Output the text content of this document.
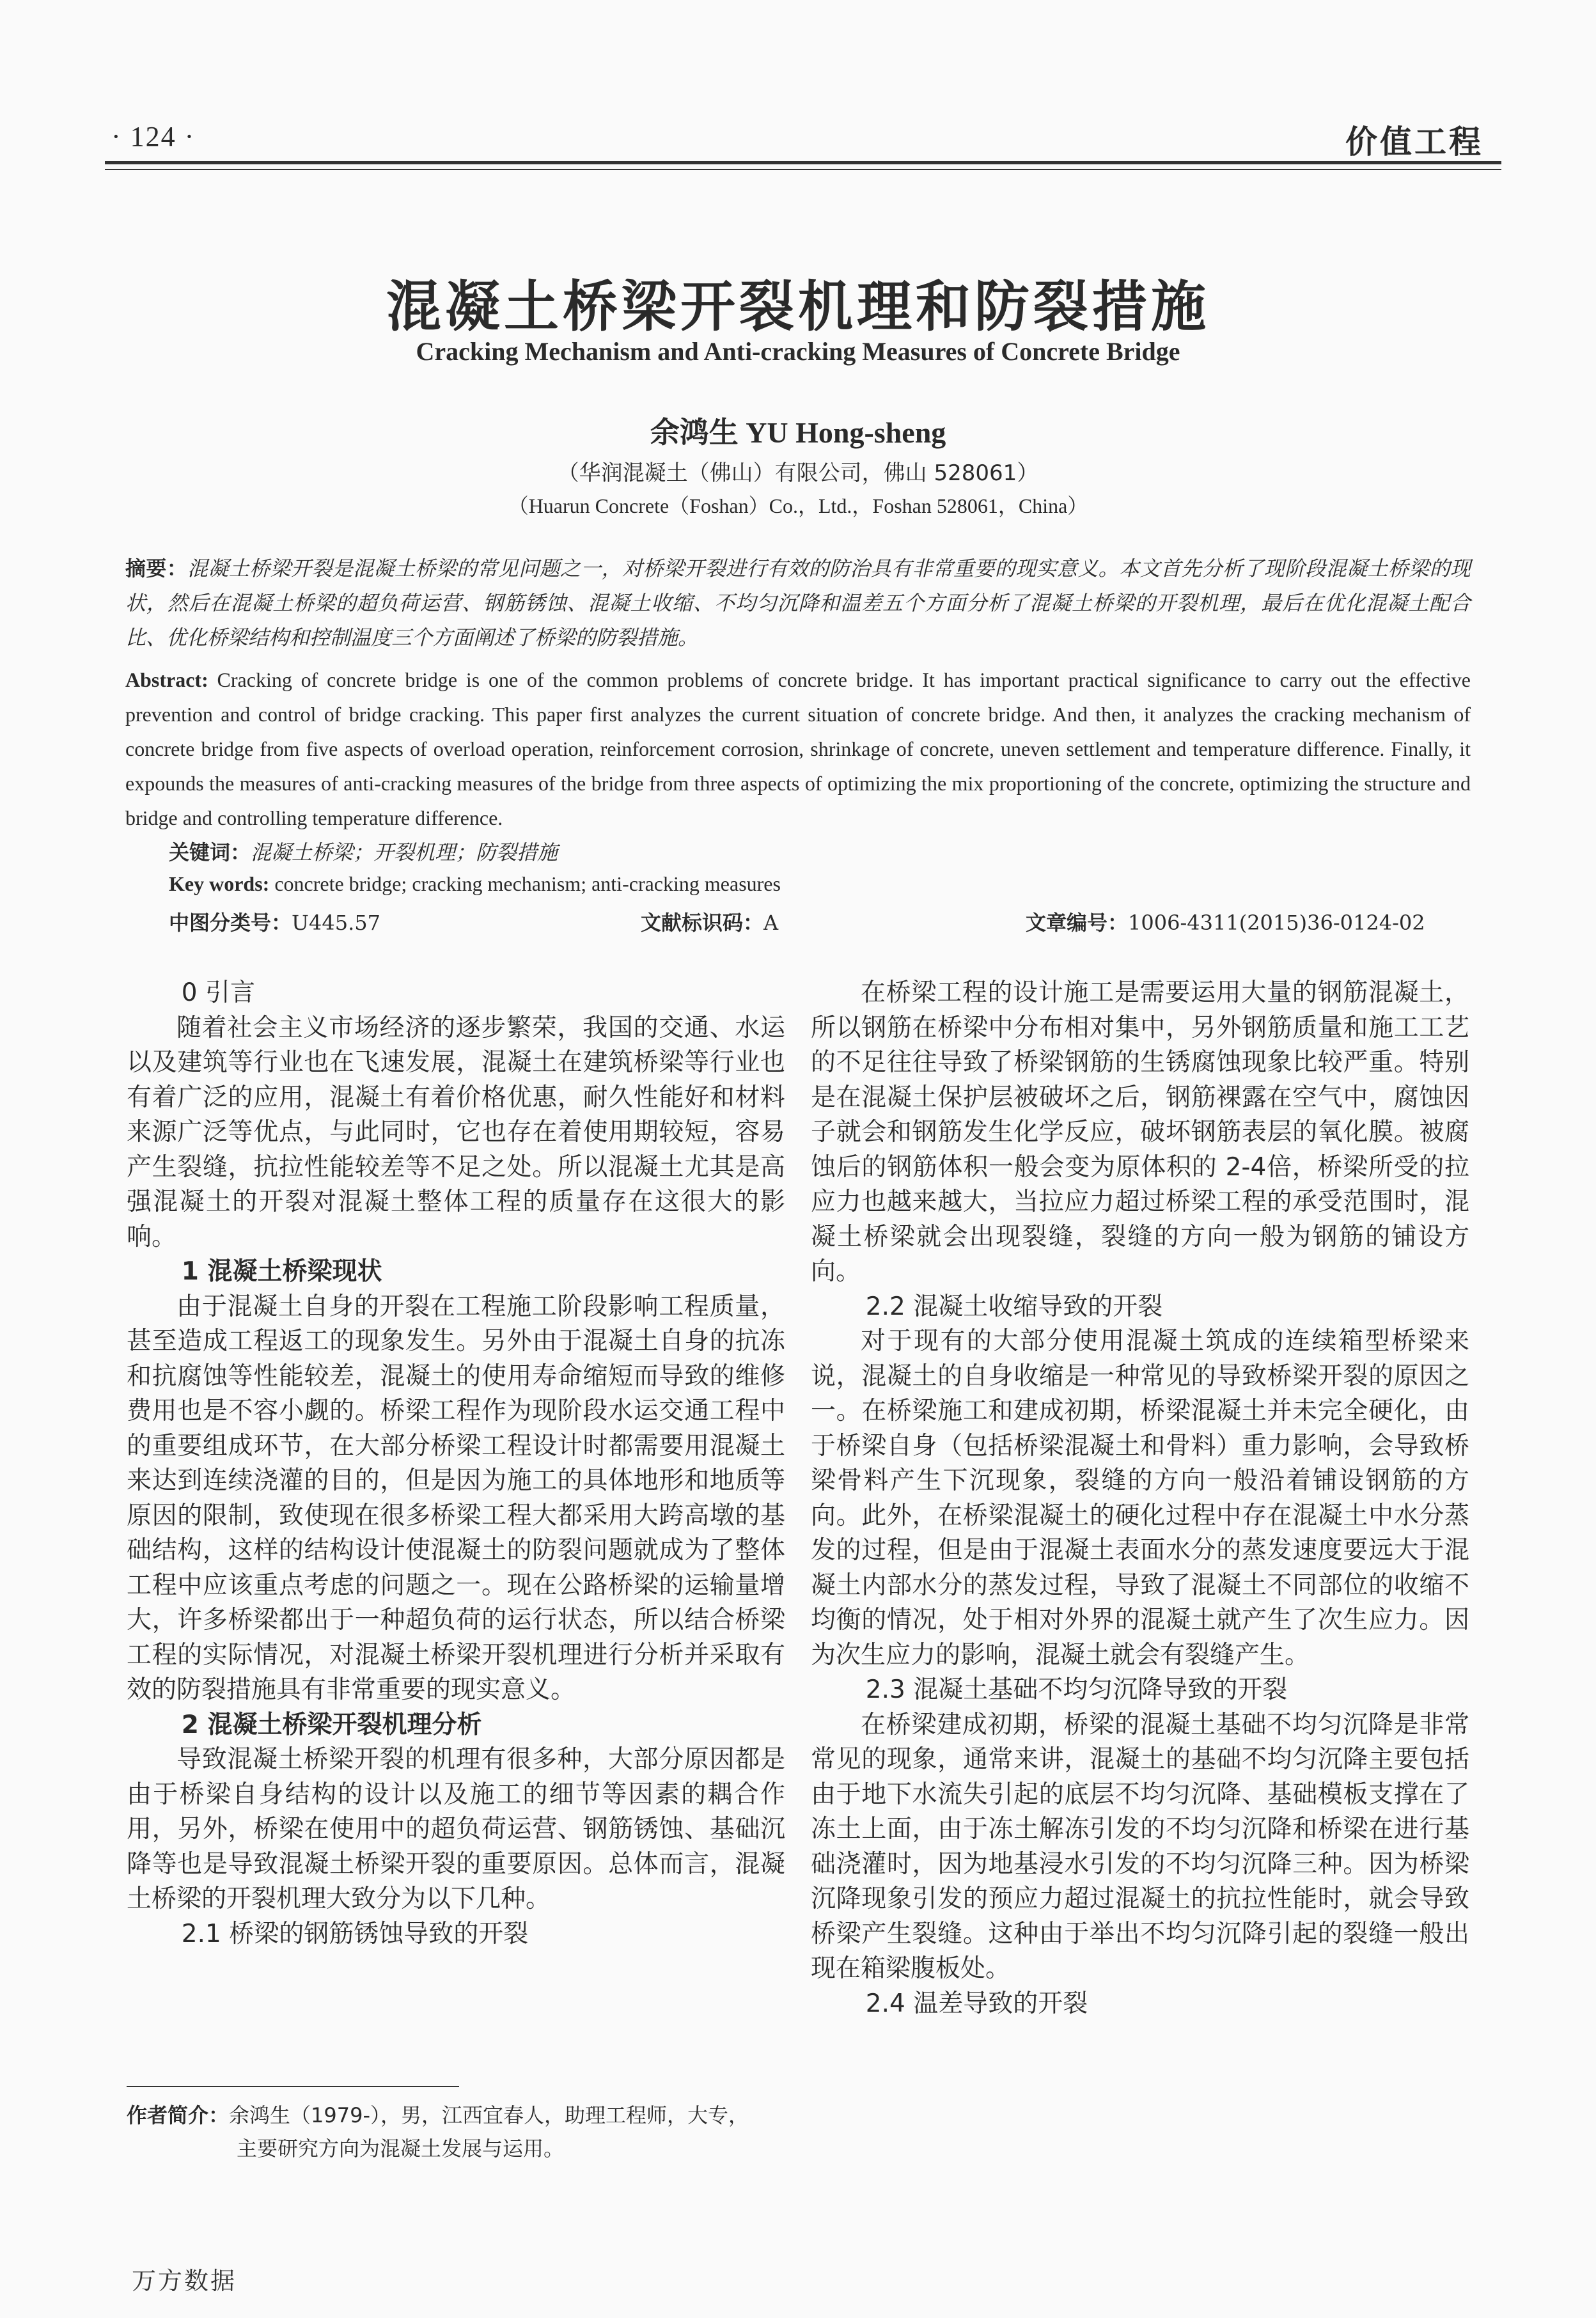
· 124 ·	价值工程
混凝土桥梁开裂机理和防裂措施
Cracking Mechanism and Anti-cracking Measures of Concrete Bridge
余鸿生 YU Hong-sheng
（华润混凝土（佛山）有限公司，佛山 528061）
（Huarun Concrete（Foshan）Co.，Ltd.，Foshan 528061，China）
摘要：混凝土桥梁开裂是混凝土桥梁的常见问题之一，对桥梁开裂进行有效的防治具有非常重要的现实意义。本文首先分析了现阶段混凝土桥梁的现状，然后在混凝土桥梁的超负荷运营、钢筋锈蚀、混凝土收缩、不均匀沉降和温差五个方面分析了混凝土桥梁的开裂机理，最后在优化混凝土配合比、优化桥梁结构和控制温度三个方面阐述了桥梁的防裂措施。
Abstract: Cracking of concrete bridge is one of the common problems of concrete bridge. It has important practical significance to carry out the effective prevention and control of bridge cracking. This paper first analyzes the current situation of concrete bridge. And then, it analyzes the cracking mechanism of concrete bridge from five aspects of overload operation, reinforcement corrosion, shrinkage of concrete, uneven settlement and temperature difference. Finally, it expounds the measures of anti-cracking measures of the bridge from three aspects of optimizing the mix proportioning of the concrete, optimizing the structure and bridge and controlling temperature difference.
关键词：混凝土桥梁；开裂机理；防裂措施
Key words: concrete bridge; cracking mechanism; anti-cracking measures
中图分类号：U445.57	文献标识码：A	文章编号：1006-4311(2015)36-0124-02
0 引言

随着社会主义市场经济的逐步繁荣，我国的交通、水运以及建筑等行业也在飞速发展，混凝土在建筑桥梁等行业也有着广泛的应用，混凝土有着价格优惠，耐久性能好和材料来源广泛等优点，与此同时，它也存在着使用期较短，容易产生裂缝，抗拉性能较差等不足之处。所以混凝土尤其是高强混凝土的开裂对混凝土整体工程的质量存在这很大的影响。

1 混凝土桥梁现状

由于混凝土自身的开裂在工程施工阶段影响工程质量，甚至造成工程返工的现象发生。另外由于混凝土自身的抗冻和抗腐蚀等性能较差，混凝土的使用寿命缩短而导致的维修费用也是不容小觑的。桥梁工程作为现阶段水运交通工程中的重要组成环节，在大部分桥梁工程设计时都需要用混凝土来达到连续浇灌的目的，但是因为施工的具体地形和地质等原因的限制，致使现在很多桥梁工程大都采用大跨高墩的基础结构，这样的结构设计使混凝土的防裂问题就成为了整体工程中应该重点考虑的问题之一。现在公路桥梁的运输量增大，许多桥梁都出于一种超负荷的运行状态，所以结合桥梁工程的实际情况，对混凝土桥梁开裂机理进行分析并采取有效的防裂措施具有非常重要的现实意义。

2 混凝土桥梁开裂机理分析

导致混凝土桥梁开裂的机理有很多种，大部分原因都是由于桥梁自身结构的设计以及施工的细节等因素的耦合作用，另外，桥梁在使用中的超负荷运营、钢筋锈蚀、基础沉降等也是导致混凝土桥梁开裂的重要原因。总体而言，混凝土桥梁的开裂机理大致分为以下几种。

2.1 桥梁的钢筋锈蚀导致的开裂
作者简介：余鸿生（1979-），男，江西宜春人，助理工程师，大专，
主要研究方向为混凝土发展与运用。

在桥梁工程的设计施工是需要运用大量的钢筋混凝土，所以钢筋在桥梁中分布相对集中，另外钢筋质量和施工工艺的不足往往导致了桥梁钢筋的生锈腐蚀现象比较严重。特别是在混凝土保护层被破坏之后，钢筋裸露在空气中，腐蚀因子就会和钢筋发生化学反应，破坏钢筋表层的氧化膜。被腐蚀后的钢筋体积一般会变为原体积的 2-4倍，桥梁所受的拉应力也越来越大，当拉应力超过桥梁工程的承受范围时，混凝土桥梁就会出现裂缝，裂缝的方向一般为钢筋的铺设方向。

2.2 混凝土收缩导致的开裂

对于现有的大部分使用混凝土筑成的连续箱型桥梁来说，混凝土的自身收缩是一种常见的导致桥梁开裂的原因之一。在桥梁施工和建成初期，桥梁混凝土并未完全硬化，由于桥梁自身（包括桥梁混凝土和骨料）重力影响，会导致桥梁骨料产生下沉现象，裂缝的方向一般沿着铺设钢筋的方向。此外，在桥梁混凝土的硬化过程中存在混凝土中水分蒸发的过程，但是由于混凝土表面水分的蒸发速度要远大于混凝土内部水分的蒸发过程，导致了混凝土不同部位的收缩不均衡的情况，处于相对外界的混凝土就产生了次生应力。因为次生应力的影响，混凝土就会有裂缝产生。

2.3 混凝土基础不均匀沉降导致的开裂

在桥梁建成初期，桥梁的混凝土基础不均匀沉降是非常常见的现象，通常来讲，混凝土的基础不均匀沉降主要包括由于地下水流失引起的底层不均匀沉降、基础模板支撑在了冻土上面，由于冻土解冻引发的不均匀沉降和桥梁在进行基础浇灌时，因为地基浸水引发的不均匀沉降三种。因为桥梁沉降现象引发的预应力超过混凝土的抗拉性能时，就会导致桥梁产生裂缝。这种由于举出不均匀沉降引起的裂缝一般出现在箱梁腹板处。

2.4 温差导致的开裂
万方数据
